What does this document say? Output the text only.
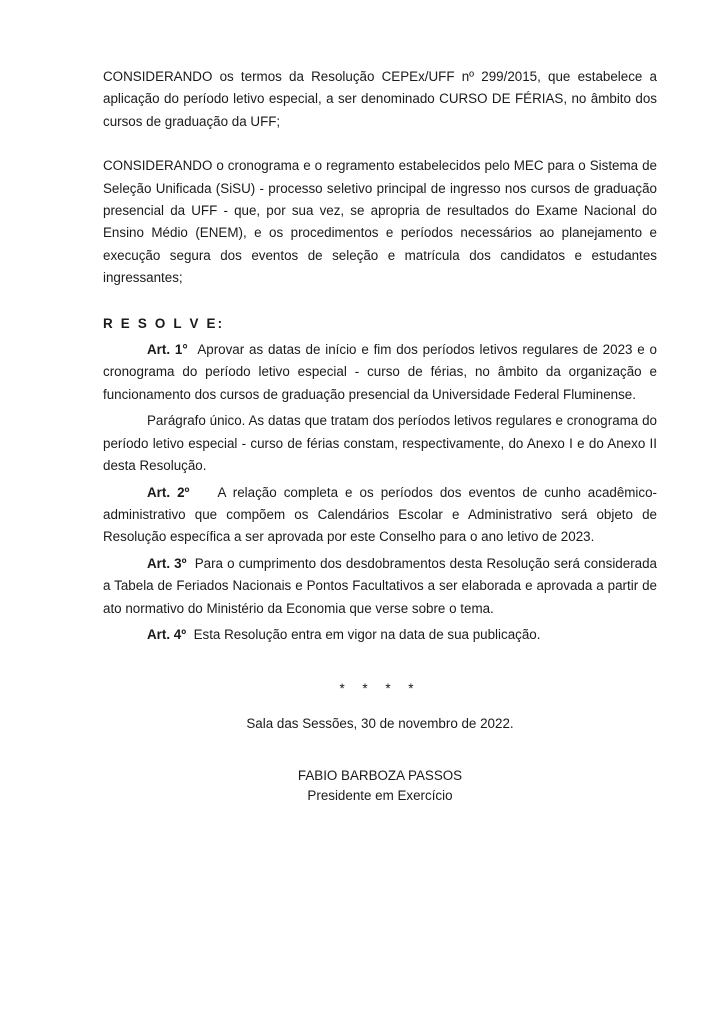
CONSIDERANDO os termos da Resolução CEPEx/UFF nº 299/2015, que estabelece a aplicação do período letivo especial, a ser denominado CURSO DE FÉRIAS, no âmbito dos cursos de graduação da UFF;

CONSIDERANDO o cronograma e o regramento estabelecidos pelo MEC para o Sistema de Seleção Unificada (SiSU) - processo seletivo principal de ingresso nos cursos de graduação presencial da UFF - que, por sua vez, se apropria de resultados do Exame Nacional do Ensino Médio (ENEM), e os procedimentos e períodos necessários ao planejamento e execução segura dos eventos de seleção e matrícula dos candidatos e estudantes ingressantes;

R E S O L V E:

Art. 1° Aprovar as datas de início e fim dos períodos letivos regulares de 2023 e o cronograma do período letivo especial - curso de férias, no âmbito da organização e funcionamento dos cursos de graduação presencial da Universidade Federal Fluminense.

Parágrafo único. As datas que tratam dos períodos letivos regulares e cronograma do período letivo especial - curso de férias constam, respectivamente, do Anexo I e do Anexo II desta Resolução.

Art. 2º A relação completa e os períodos dos eventos de cunho acadêmico-administrativo que compõem os Calendários Escolar e Administrativo será objeto de Resolução específica a ser aprovada por este Conselho para o ano letivo de 2023.

Art. 3º Para o cumprimento dos desdobramentos desta Resolução será considerada a Tabela de Feriados Nacionais e Pontos Facultativos a ser elaborada e aprovada a partir de ato normativo do Ministério da Economia que verse sobre o tema.

Art. 4º Esta Resolução entra em vigor na data de sua publicação.

* * * *

Sala das Sessões, 30 de novembro de 2022.

FABIO BARBOZA PASSOS
Presidente em Exercício
